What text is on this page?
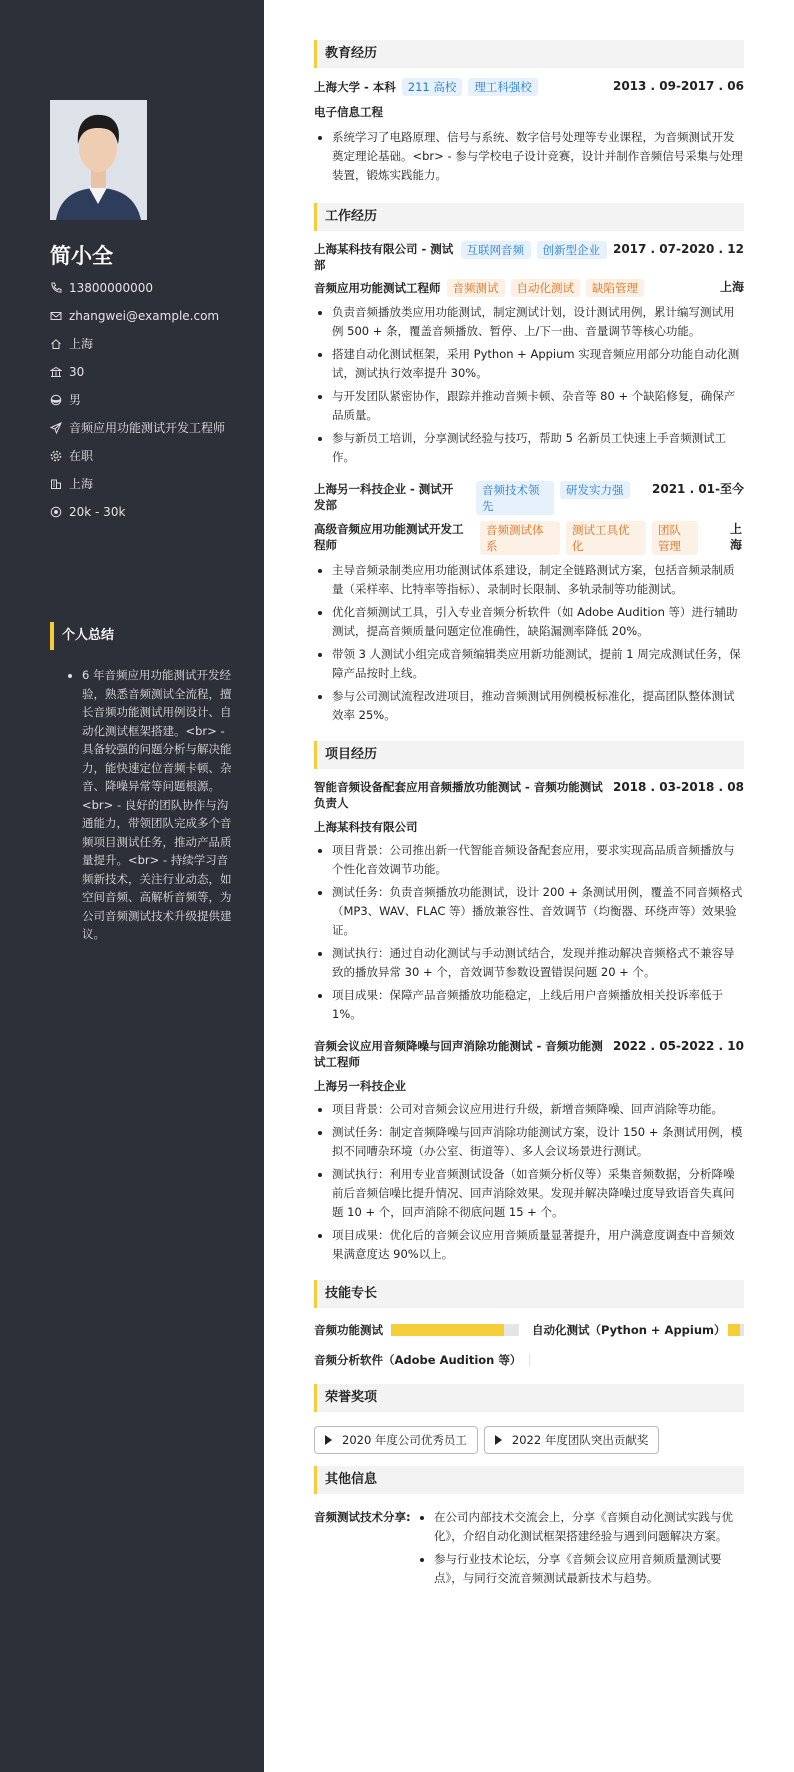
简小全
13800000000
zhangwei@example.com
上海
30
男
音频应用功能测试开发工程师
在职
上海
20k - 30k
个人总结
• 6 年音频应用功能测试开发经验，熟悉音频测试全流程，擅长音频功能测试用例设计、自动化测试框架搭建。<br> - 具备较强的问题分析与解决能力，能快速定位音频卡顿、杂音、降噪异常等问题根源。<br> - 良好的团队协作与沟通能力，带领团队完成多个音频项目测试任务，推动产品质量提升。<br> - 持续学习音频新技术，关注行业动态，如空间音频、高解析音频等，为公司音频测试技术升级提供建议。
教育经历
上海大学 - 本科 211 高校 理工科强校	2013 . 09-2017 . 06
电子信息工程
• 系统学习了电路原理、信号与系统、数字信号处理等专业课程，为音频测试开发奠定理论基础。<br> - 参与学校电子设计竞赛，设计并制作音频信号采集与处理装置，锻炼实践能力。
工作经历
上海某科技有限公司 - 测试部
互联网音频	创新型企业	2017 . 07-2020 . 12
音频应用功能测试工程师 音频测试 自动化测试 缺陷管理	上海
• 负责音频播放类应用功能测试，制定测试计划，设计测试用例，累计编写测试用例 500 + 条，覆盖音频播放、暂停、上/下一曲、音量调节等核心功能。
• 搭建自动化测试框架，采用 Python + Appium 实现音频应用部分功能自动化测试，测试执行效率提升 30%。
• 与开发团队紧密协作，跟踪并推动音频卡顿、杂音等 80 + 个缺陷修复，确保产品质量。
• 参与新员工培训，分享测试经验与技巧，帮助 5 名新员工快速上手音频测试工作。
上海另一科技企业 - 测试开发部
音频技术领先
研发实力强	2021 . 01-至今
高级音频应用功能测试开发工程师
音频测试体系
测试工具优化
团队管理
上海
• 主导音频录制类应用功能测试体系建设，制定全链路测试方案，包括音频录制质量（采样率、比特率等指标）、录制时长限制、多轨录制等功能测试。
• 优化音频测试工具，引入专业音频分析软件（如 Adobe Audition 等）进行辅助测试，提高音频质量问题定位准确性，缺陷漏测率降低 20%。
• 带领 3 人测试小组完成音频编辑类应用新功能测试，提前 1 周完成测试任务，保障产品按时上线。
• 参与公司测试流程改进项目，推动音频测试用例模板标准化，提高团队整体测试效率 25%。
项目经历
智能音频设备配套应用音频播放功能测试 - 音频功能测试负责人
2018 . 03-2018 . 08
上海某科技有限公司
• 项目背景：公司推出新一代智能音频设备配套应用，要求实现高品质音频播放与个性化音效调节功能。
• 测试任务：负责音频播放功能测试，设计 200 + 条测试用例，覆盖不同音频格式（MP3、WAV、FLAC 等）播放兼容性、音效调节（均衡器、环绕声等）效果验证。
• 测试执行：通过自动化测试与手动测试结合，发现并推动解决音频格式不兼容导致的播放异常 30 + 个，音效调节参数设置错误问题 20 + 个。
• 项目成果：保障产品音频播放功能稳定，上线后用户音频播放相关投诉率低于 1%。
音频会议应用音频降噪与回声消除功能测试 - 音频功能测试工程师
2022 . 05-2022 . 10
上海另一科技企业
• 项目背景：公司对音频会议应用进行升级，新增音频降噪、回声消除等功能。
• 测试任务：制定音频降噪与回声消除功能测试方案，设计 150 + 条测试用例，模拟不同嘈杂环境（办公室、街道等）、多人会议场景进行测试。
• 测试执行：利用专业音频测试设备（如音频分析仪等）采集音频数据，分析降噪前后音频信噪比提升情况、回声消除效果。发现并解决降噪过度导致语音失真问题 10 + 个，回声消除不彻底问题 15 + 个。
• 项目成果：优化后的音频会议应用音频质量显著提升，用户满意度调查中音频效果满意度达 90%以上。
技能专长
音频功能测试	自动化测试（Python + Appium）
音频分析软件（Adobe Audition 等）
荣誉奖项
2020 年度公司优秀员工	2022 年度团队突出贡献奖
其他信息
音频测试技术分享:
• 在公司内部技术交流会上，分享《音频自动化测试实践与优化》，介绍自动化测试框架搭建经验与遇到问题解决方案。
• 参与行业技术论坛，分享《音频会议应用音频质量测试要点》，与同行交流音频测试最新技术与趋势。
